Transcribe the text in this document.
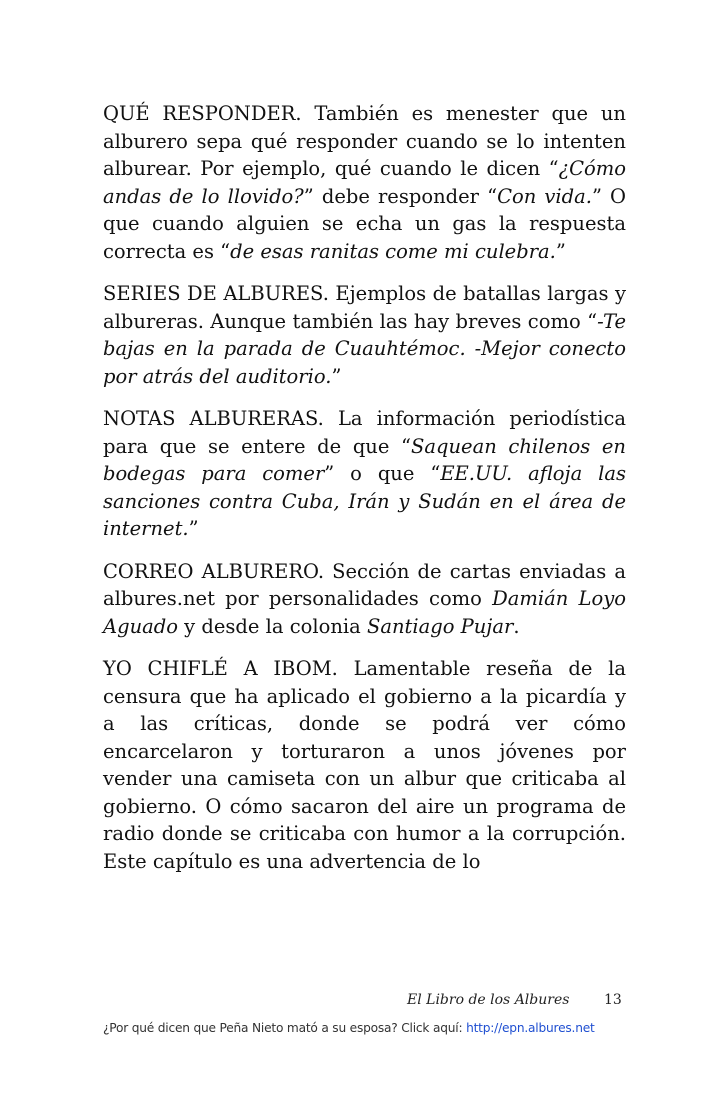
QUÉ RESPONDER. También es menester que un alburero sepa qué responder cuando se lo intenten alburear. Por ejemplo, qué cuando le dicen “¿Cómo andas de lo llovido?” debe responder “Con vida.” O que cuando alguien se echa un gas la respuesta correcta es “de esas ranitas come mi culebra.”

SERIES DE ALBURES. Ejemplos de batallas largas y albureras. Aunque también las hay breves como “-Te bajas en la parada de Cuauhtémoc. -Mejor conecto por atrás del auditorio.”

NOTAS ALBURERAS. La información periodística para que se entere de que “Saquean chilenos en bodegas para comer” o que “EE.UU. afloja las sanciones contra Cuba, Irán y Sudán en el área de internet.”

CORREO ALBURERO. Sección de cartas enviadas a albures.net por personalidades como Damián Loyo Aguado y desde la colonia Santiago Pujar.

YO CHIFLÉ A IBOM. Lamentable reseña de la censura que ha aplicado el gobierno a la picardía y a las críticas, donde se podrá ver cómo encarcelaron y torturaron a unos jóvenes por vender una camiseta con un albur que criticaba al gobierno. O cómo sacaron del aire un programa de radio donde se criticaba con humor a la corrupción. Este capítulo es una advertencia de lo

El Libro de los Albures 13
¿Por qué dicen que Peña Nieto mató a su esposa? Click aquí: http://epn.albures.net
